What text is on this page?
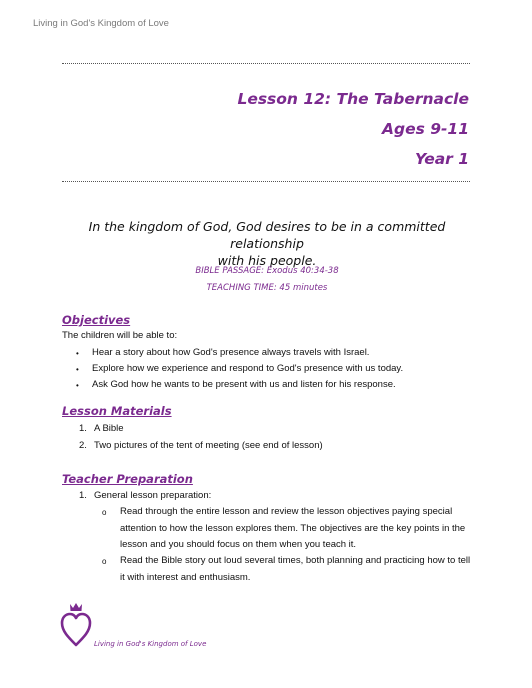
Living in God's Kingdom of Love
Lesson 12: The Tabernacle
Ages 9-11
Year 1
In the kingdom of God, God desires to be in a committed relationship
with his people.
BIBLE PASSAGE: Exodus 40:34-38
TEACHING TIME: 45 minutes
Objectives
The children will be able to:
• Hear a story about how God's presence always travels with Israel.
• Explore how we experience and respond to God's presence with us today.
• Ask God how he wants to be present with us and listen for his response.
Lesson Materials
1. A Bible
2. Two pictures of the tent of meeting (see end of lesson)
Teacher Preparation
1. General lesson preparation:
o Read through the entire lesson and review the lesson objectives paying special
attention to how the lesson explores them. The objectives are the key points in the
lesson and you should focus on them when you teach it.
o Read the Bible story out loud several times, both planning and practicing how to tell
it with interest and enthusiasm.
Living in God's Kingdom of Love
